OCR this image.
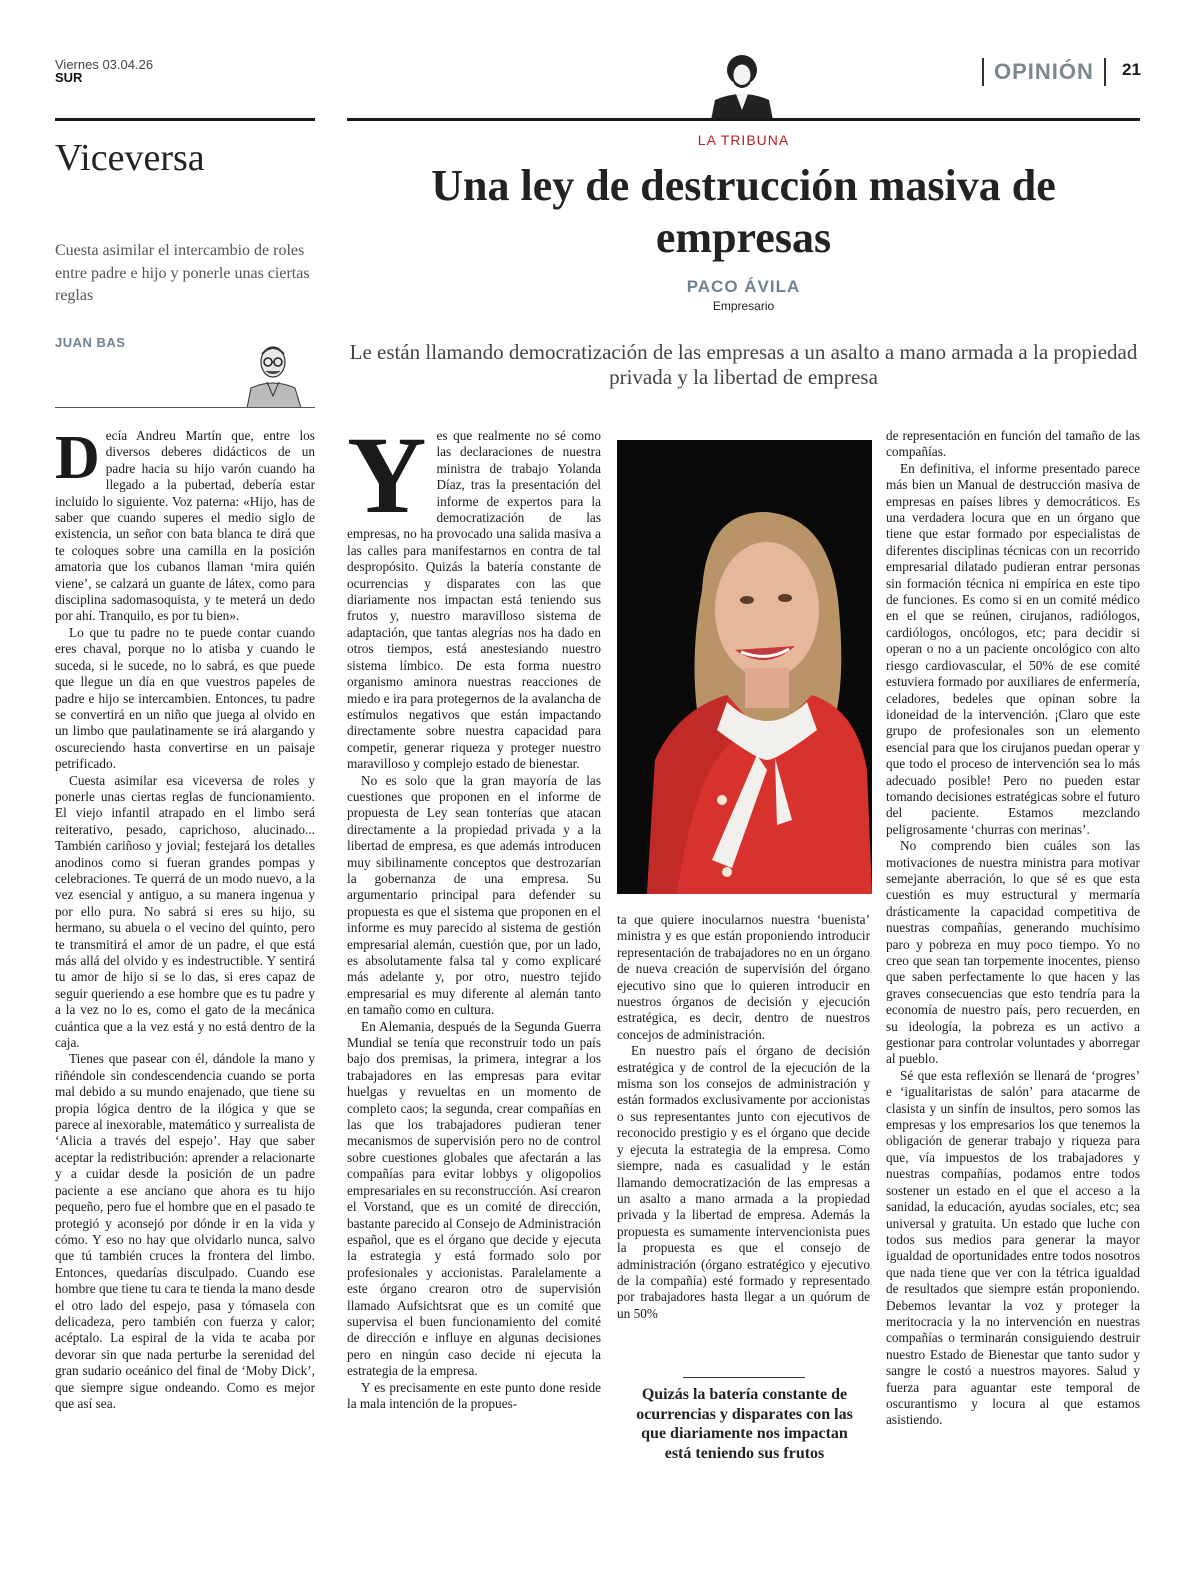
Viernes 03.04.26
SUR	OPINIÓN	21
Viceversa
Cuesta asimilar el intercambio de roles entre padre e hijo y ponerle unas ciertas reglas
JUAN BAS

Decía Andreu Martín que, entre los diversos deberes didácticos de un padre hacia su hijo varón cuando ha llegado a la pubertad, debería estar incluido lo siguiente. Voz paterna: «Hijo, has de saber que cuando superes el medio siglo de existencia, un señor con bata blanca te dirá que te coloques sobre una camilla en la posición amatoria que los cubanos llaman ‘mira quién viene’, se calzará un guante de látex, como para disciplina sadomasoquista, y te meterá un dedo por ahí. Tranquilo, es por tu bien».

Lo que tu padre no te puede contar cuando eres chaval, porque no lo atisba y cuando le suceda, si le sucede, no lo sabrá, es que puede que llegue un día en que vuestros papeles de padre e hijo se intercambien. Entonces, tu padre se convertirá en un niño que juega al olvido en un limbo que paulatinamente se irá alargando y oscureciendo hasta convertirse en un paisaje petrificado.

Cuesta asimilar esa viceversa de roles y ponerle unas ciertas reglas de funcionamiento. El viejo infantil atrapado en el limbo será reiterativo, pesado, caprichoso, alucinado... También cariñoso y jovial; festejará los detalles anodinos como si fueran grandes pompas y celebraciones. Te querrá de un modo nuevo, a la vez esencial y antiguo, a su manera ingenua y por ello pura. No sabrá si eres su hijo, su hermano, su abuela o el vecino del quinto, pero te transmitirá el amor de un padre, el que está más allá del olvido y es indestructible. Y sentirá tu amor de hijo si se lo das, si eres capaz de seguir queriendo a ese hombre que es tu padre y a la vez no lo es, como el gato de la mecánica cuántica que a la vez está y no está dentro de la caja.

Tienes que pasear con él, dándole la mano y riñéndole sin condescendencia cuando se porta mal debido a su mundo enajenado, que tiene su propia lógica dentro de la ilógica y que se parece al inexorable, matemático y surrealista de ‘Alicia a través del espejo’. Hay que saber aceptar la redistribución: aprender a relacionarte y a cuidar desde la posición de un padre paciente a ese anciano que ahora es tu hijo pequeño, pero fue el hombre que en el pasado te protegió y aconsejó por dónde ir en la vida y cómo. Y eso no hay que olvidarlo nunca, salvo que tú también cruces la frontera del limbo. Entonces, quedarías disculpado. Cuando ese hombre que tiene tu cara te tienda la mano desde el otro lado del espejo, pasa y tómasela con delicadeza, pero también con fuerza y calor; acéptalo. La espiral de la vida te acaba por devorar sin que nada perturbe la serenidad del gran sudario oceánico del final de ‘Moby Dick’, que siempre sigue ondeando. Como es mejor que así sea.

LA TRIBUNA
Una ley de destrucción masiva de empresas
PACO ÁVILA
Empresario
Le están llamando democratización de las empresas a un asalto a mano armada a la propiedad privada y la libertad de empresa

Yes que realmente no sé como las declaraciones de nuestra ministra de trabajo Yolanda Díaz, tras la presentación del informe de expertos para la democratización de las empresas, no ha provocado una salida masiva a las calles para manifestarnos en contra de tal despropósito. Quizás la batería constante de ocurrencias y disparates con las que diariamente nos impactan está teniendo sus frutos y, nuestro maravilloso sistema de adaptación, que tantas alegrías nos ha dado en otros tiempos, está anestesiando nuestro sistema límbico. De esta forma nuestro organismo aminora nuestras reacciones de miedo e ira para protegernos de la avalancha de estímulos negativos que están impactando directamente sobre nuestra capacidad para competir, generar riqueza y proteger nuestro maravilloso y complejo estado de bienestar.

No es solo que la gran mayoría de las cuestiones que proponen en el informe de propuesta de Ley sean tonterías que atacan directamente a la propiedad privada y a la libertad de empresa, es que además introducen muy sibilinamente conceptos que destrozarían la gobernanza de una empresa. Su argumentario principal para defender su propuesta es que el sistema que proponen en el informe es muy parecido al sistema de gestión empresarial alemán, cuestión que, por un lado, es absolutamente falsa tal y como explicaré más adelante y, por otro, nuestro tejido empresarial es muy diferente al alemán tanto en tamaño como en cultura.

En Alemania, después de la Segunda Guerra Mundial se tenía que reconstruir todo un país bajo dos premisas, la primera, integrar a los trabajadores en las empresas para evitar huelgas y revueltas en un momento de completo caos; la segunda, crear compañías en las que los trabajadores pudieran tener mecanismos de supervisión pero no de control sobre cuestiones globales que afectarán a las compañías para evitar lobbys y oligopolios empresariales en su reconstrucción. Así crearon el Vorstand, que es un comité de dirección, bastante parecido al Consejo de Administración español, que es el órgano que decide y ejecuta la estrategia y está formado solo por profesionales y accionistas. Paralelamente a este órgano crearon otro de supervisión llamado Aufsichtsrat que es un comité que supervisa el buen funcionamiento del comité de dirección e influye en algunas decisiones pero en ningún caso decide ni ejecuta la estrategia de la empresa.

Y es precisamente en este punto done reside la mala intención de la propues-

ta que quiere inocularnos nuestra ‘buenista’ ministra y es que están proponiendo introducir representación de trabajadores no en un órgano de nueva creación de supervisión del órgano ejecutivo sino que lo quieren introducir en nuestros órganos de decisión y ejecución estratégica, es decir, dentro de nuestros concejos de administración.

En nuestro país el órgano de decisión estratégica y de control de la ejecución de la misma son los consejos de administración y están formados exclusivamente por accionistas o sus representantes junto con ejecutivos de reconocido prestigio y es el órgano que decide y ejecuta la estrategia de la empresa. Como siempre, nada es casualidad y le están llamando democratización de las empresas a un asalto a mano armada a la propiedad privada y la libertad de empresa. Además la propuesta es sumamente intervencionista pues la propuesta es que el consejo de administración (órgano estratégico y ejecutivo de la compañía) esté formado y representado por trabajadores hasta llegar a un quórum de un 50%

Quizás la batería constante de ocurrencias y disparates con las que diariamente nos impactan está teniendo sus frutos

de representación en función del tamaño de las compañías.

En definitiva, el informe presentado parece más bien un Manual de destrucción masiva de empresas en países libres y democráticos. Es una verdadera locura que en un órgano que tiene que estar formado por especialistas de diferentes disciplinas técnicas con un recorrido empresarial dilatado pudieran entrar personas sin formación técnica ni empírica en este tipo de funciones. Es como si en un comité médico en el que se reúnen, cirujanos, radiólogos, cardiólogos, oncólogos, etc; para decidir si operan o no a un paciente oncológico con alto riesgo cardiovascular, el 50% de ese comité estuviera formado por auxiliares de enfermería, celadores, bedeles que opinan sobre la idoneidad de la intervención. ¡Claro que este grupo de profesionales son un elemento esencial para que los cirujanos puedan operar y que todo el proceso de intervención sea lo más adecuado posible! Pero no pueden estar tomando decisiones estratégicas sobre el futuro del paciente. Estamos mezclando peligrosamente ‘churras con merinas’.

No comprendo bien cuáles son las motivaciones de nuestra ministra para motivar semejante aberración, lo que sé es que esta cuestión es muy estructural y mermaría drásticamente la capacidad competitiva de nuestras compañías, generando muchísimo paro y pobreza en muy poco tiempo. Yo no creo que sean tan torpemente inocentes, pienso que saben perfectamente lo que hacen y las graves consecuencias que esto tendría para la economía de nuestro país, pero recuerden, en su ideología, la pobreza es un activo a gestionar para controlar voluntades y aborregar al pueblo.

Sé que esta reflexión se llenará de ‘progres’ e ‘igualitaristas de salón’ para atacarme de clasista y un sinfín de insultos, pero somos las empresas y los empresarios los que tenemos la obligación de generar trabajo y riqueza para que, vía impuestos de los trabajadores y nuestras compañías, podamos entre todos sostener un estado en el que el acceso a la sanidad, la educación, ayudas sociales, etc; sea universal y gratuita. Un estado que luche con todos sus medios para generar la mayor igualdad de oportunidades entre todos nosotros que nada tiene que ver con la tétrica igualdad de resultados que siempre están proponiendo. Debemos levantar la voz y proteger la meritocracia y la no intervención en nuestras compañías o terminarán consiguiendo destruir nuestro Estado de Bienestar que tanto sudor y sangre le costó a nuestros mayores. Salud y fuerza para aguantar este temporal de oscurantismo y locura al que estamos asistiendo.
